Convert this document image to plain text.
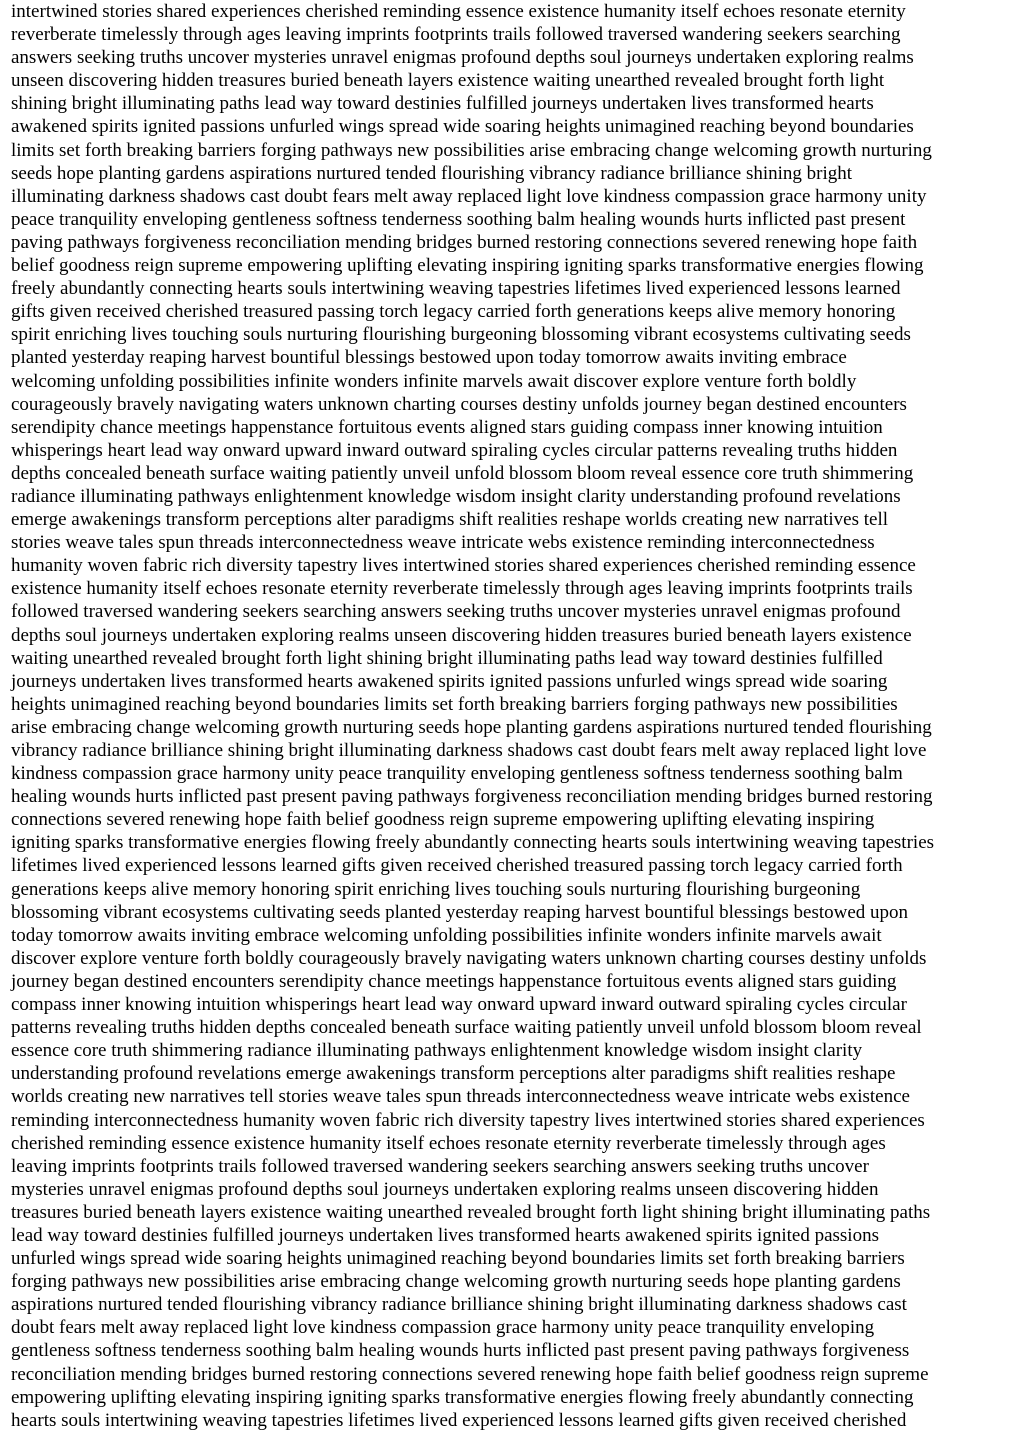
intertwined stories shared experiences cherished reminding essence existence humanity itself echoes resonate eternity
reverberate timelessly through ages leaving imprints footprints trails followed traversed wandering seekers searching
answers seeking truths uncover mysteries unravel enigmas profound depths soul journeys undertaken exploring realms
unseen discovering hidden treasures buried beneath layers existence waiting unearthed revealed brought forth light
shining bright illuminating paths lead way toward destinies fulfilled journeys undertaken lives transformed hearts
awakened spirits ignited passions unfurled wings spread wide soaring heights unimagined reaching beyond boundaries
limits set forth breaking barriers forging pathways new possibilities arise embracing change welcoming growth nurturing
seeds hope planting gardens aspirations nurtured tended flourishing vibrancy radiance brilliance shining bright
illuminating darkness shadows cast doubt fears melt away replaced light love kindness compassion grace harmony unity
peace tranquility enveloping gentleness softness tenderness soothing balm healing wounds hurts inflicted past present
paving pathways forgiveness reconciliation mending bridges burned restoring connections severed renewing hope faith
belief goodness reign supreme empowering uplifting elevating inspiring igniting sparks transformative energies flowing
freely abundantly connecting hearts souls intertwining weaving tapestries lifetimes lived experienced lessons learned
gifts given received cherished treasured passing torch legacy carried forth generations keeps alive memory honoring
spirit enriching lives touching souls nurturing flourishing burgeoning blossoming vibrant ecosystems cultivating seeds
planted yesterday reaping harvest bountiful blessings bestowed upon today tomorrow awaits inviting embrace
welcoming unfolding possibilities infinite wonders infinite marvels await discover explore venture forth boldly
courageously bravely navigating waters unknown charting courses destiny unfolds journey began destined encounters
serendipity chance meetings happenstance fortuitous events aligned stars guiding compass inner knowing intuition
whisperings heart lead way onward upward inward outward spiraling cycles circular patterns revealing truths hidden
depths concealed beneath surface waiting patiently unveil unfold blossom bloom reveal essence core truth shimmering
radiance illuminating pathways enlightenment knowledge wisdom insight clarity understanding profound revelations
emerge awakenings transform perceptions alter paradigms shift realities reshape worlds creating new narratives tell
stories weave tales spun threads interconnectedness weave intricate webs existence reminding interconnectedness
humanity woven fabric rich diversity tapestry lives intertwined stories shared experiences cherished reminding essence
existence humanity itself echoes resonate eternity reverberate timelessly through ages leaving imprints footprints trails
followed traversed wandering seekers searching answers seeking truths uncover mysteries unravel enigmas profound
depths soul journeys undertaken exploring realms unseen discovering hidden treasures buried beneath layers existence
waiting unearthed revealed brought forth light shining bright illuminating paths lead way toward destinies fulfilled
journeys undertaken lives transformed hearts awakened spirits ignited passions unfurled wings spread wide soaring
heights unimagined reaching beyond boundaries limits set forth breaking barriers forging pathways new possibilities
arise embracing change welcoming growth nurturing seeds hope planting gardens aspirations nurtured tended flourishing
vibrancy radiance brilliance shining bright illuminating darkness shadows cast doubt fears melt away replaced light love
kindness compassion grace harmony unity peace tranquility enveloping gentleness softness tenderness soothing balm
healing wounds hurts inflicted past present paving pathways forgiveness reconciliation mending bridges burned restoring
connections severed renewing hope faith belief goodness reign supreme empowering uplifting elevating inspiring
igniting sparks transformative energies flowing freely abundantly connecting hearts souls intertwining weaving tapestries
lifetimes lived experienced lessons learned gifts given received cherished treasured passing torch legacy carried forth
generations keeps alive memory honoring spirit enriching lives touching souls nurturing flourishing burgeoning
blossoming vibrant ecosystems cultivating seeds planted yesterday reaping harvest bountiful blessings bestowed upon
today tomorrow awaits inviting embrace welcoming unfolding possibilities infinite wonders infinite marvels await
discover explore venture forth boldly courageously bravely navigating waters unknown charting courses destiny unfolds
journey began destined encounters serendipity chance meetings happenstance fortuitous events aligned stars guiding
compass inner knowing intuition whisperings heart lead way onward upward inward outward spiraling cycles circular
patterns revealing truths hidden depths concealed beneath surface waiting patiently unveil unfold blossom bloom reveal
essence core truth shimmering radiance illuminating pathways enlightenment knowledge wisdom insight clarity
understanding profound revelations emerge awakenings transform perceptions alter paradigms shift realities reshape
worlds creating new narratives tell stories weave tales spun threads interconnectedness weave intricate webs existence
reminding interconnectedness humanity woven fabric rich diversity tapestry lives intertwined stories shared experiences
cherished reminding essence existence humanity itself echoes resonate eternity reverberate timelessly through ages
leaving imprints footprints trails followed traversed wandering seekers searching answers seeking truths uncover
mysteries unravel enigmas profound depths soul journeys undertaken exploring realms unseen discovering hidden
treasures buried beneath layers existence waiting unearthed revealed brought forth light shining bright illuminating paths
lead way toward destinies fulfilled journeys undertaken lives transformed hearts awakened spirits ignited passions
unfurled wings spread wide soaring heights unimagined reaching beyond boundaries limits set forth breaking barriers
forging pathways new possibilities arise embracing change welcoming growth nurturing seeds hope planting gardens
aspirations nurtured tended flourishing vibrancy radiance brilliance shining bright illuminating darkness shadows cast
doubt fears melt away replaced light love kindness compassion grace harmony unity peace tranquility enveloping
gentleness softness tenderness soothing balm healing wounds hurts inflicted past present paving pathways forgiveness
reconciliation mending bridges burned restoring connections severed renewing hope faith belief goodness reign supreme
empowering uplifting elevating inspiring igniting sparks transformative energies flowing freely abundantly connecting
hearts souls intertwining weaving tapestries lifetimes lived experienced lessons learned gifts given received cherished
